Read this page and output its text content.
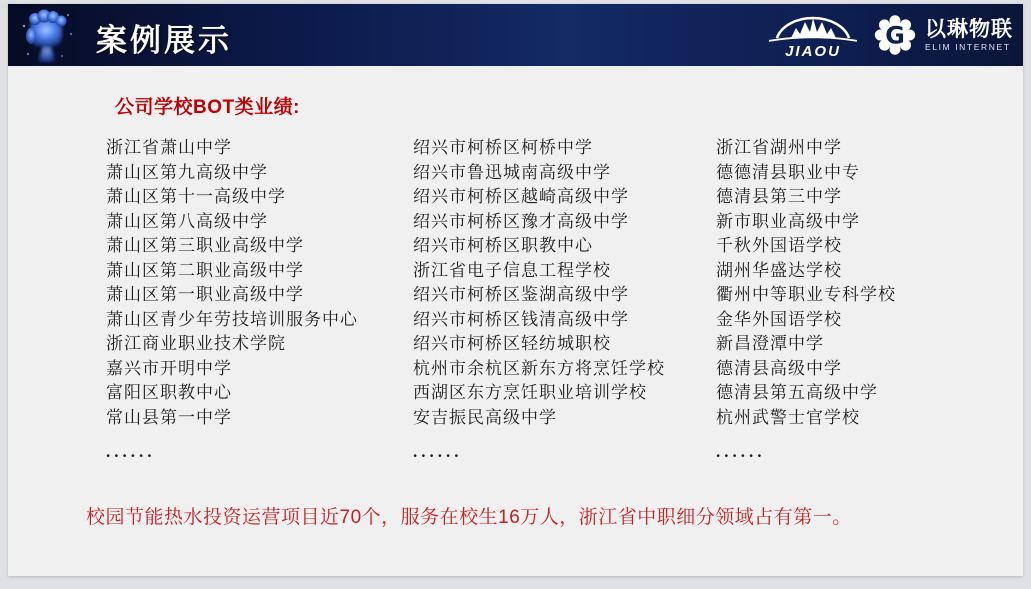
案例展示	JIAOU
G 以琳物联
ELIM INTERNET
公司学校BOT类业绩:
浙江省萧山中学
萧山区第九高级中学
萧山区第十一高级中学
萧山区第八高级中学
萧山区第三职业高级中学
萧山区第二职业高级中学
萧山区第一职业高级中学
萧山区青少年劳技培训服务中心
浙江商业职业技术学院
嘉兴市开明中学
富阳区职教中心
常山县第一中学
......
绍兴市柯桥区柯桥中学
绍兴市鲁迅城南高级中学
绍兴市柯桥区越崎高级中学
绍兴市柯桥区豫才高级中学
绍兴市柯桥区职教中心
浙江省电子信息工程学校
绍兴市柯桥区鉴湖高级中学
绍兴市柯桥区钱清高级中学
绍兴市柯桥区轻纺城职校
杭州市余杭区新东方将烹饪学校
西湖区东方烹饪职业培训学校
安吉振民高级中学
......
浙江省湖州中学
德德清县职业中专
德清县第三中学
新市职业高级中学
千秋外国语学校
湖州华盛达学校
衢州中等职业专科学校
金华外国语学校
新昌澄潭中学
德清县高级中学
德清县第五高级中学
杭州武警士官学校
......
校园节能热水投资运营项目近70个，服务在校生16万人，浙江省中职细分领域占有第一。
